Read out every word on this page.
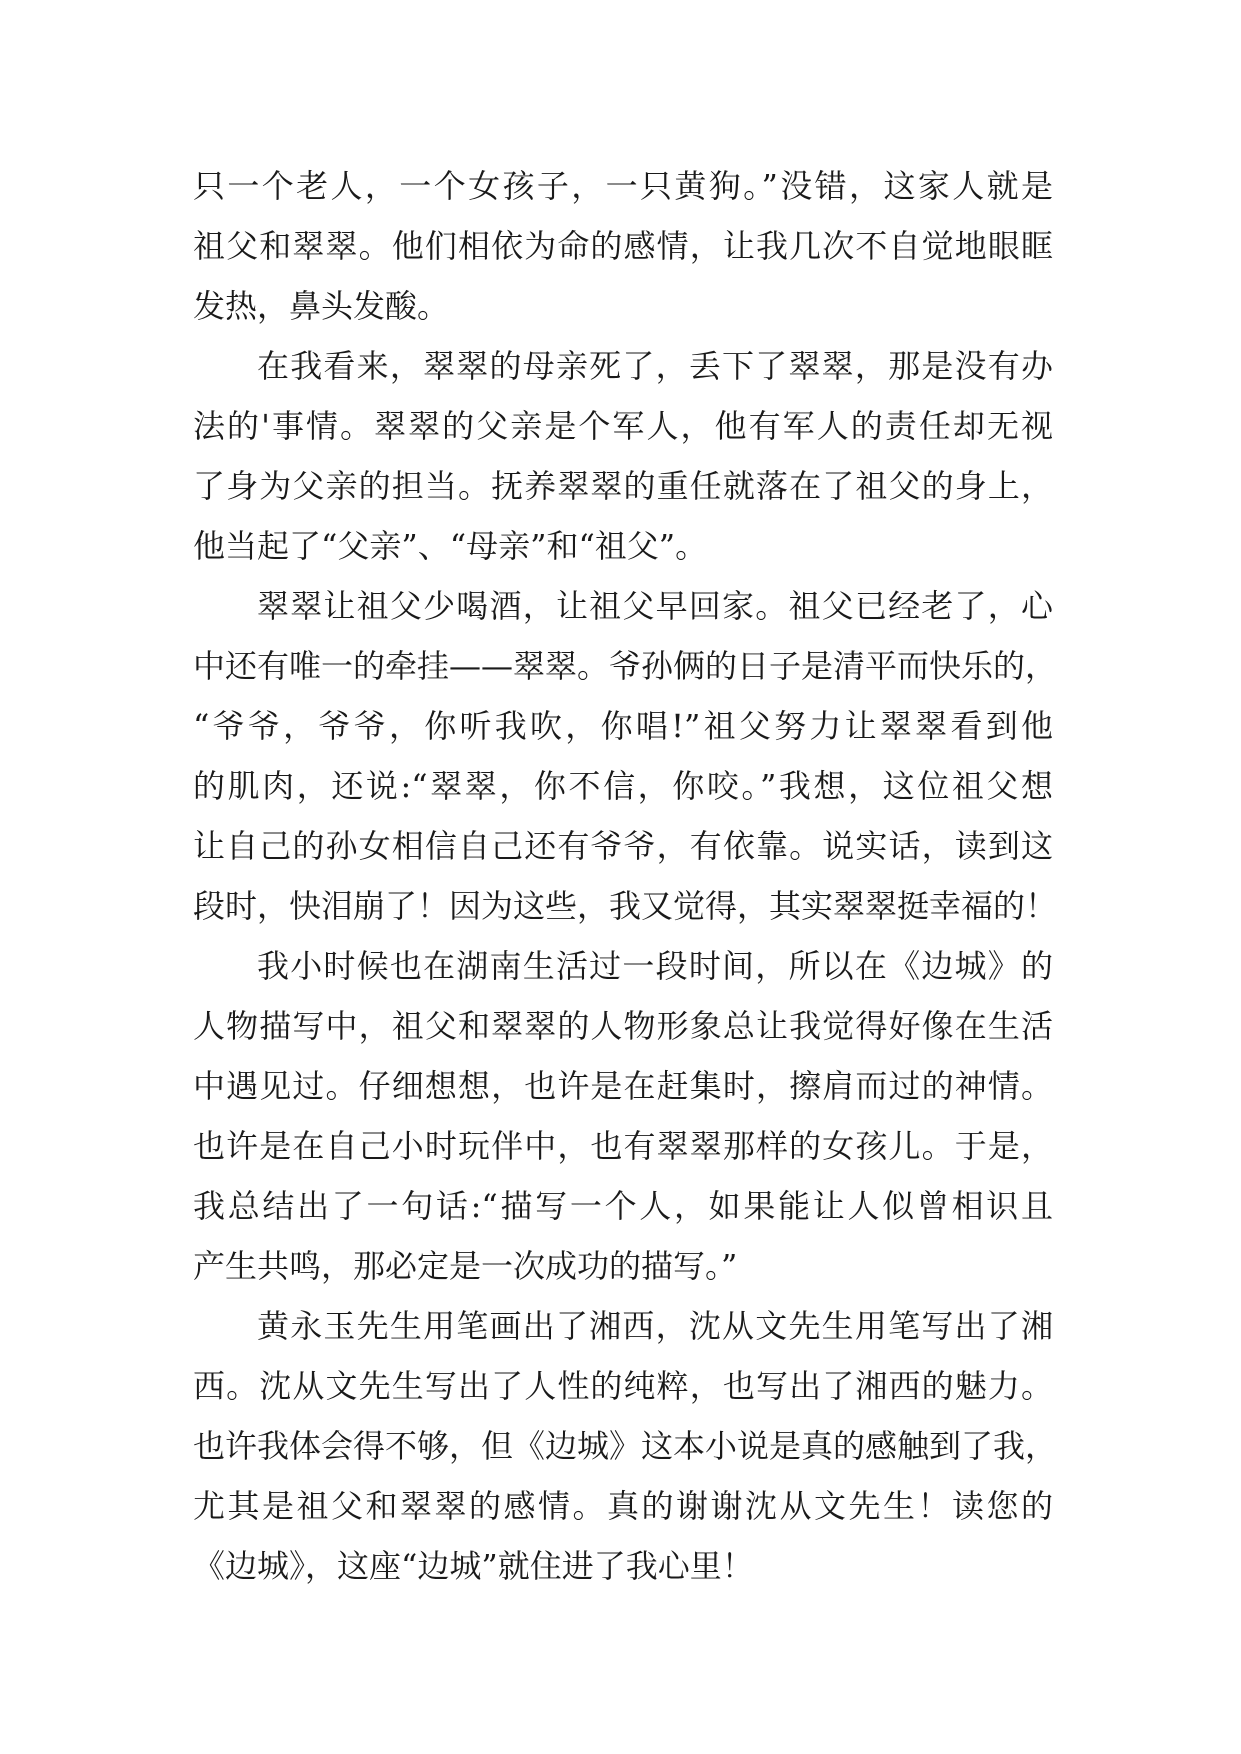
只一个老人，一个女孩子，一只黄狗。”没错，这家人就是
祖父和翠翠。他们相依为命的感情，让我几次不自觉地眼眶
发热，鼻头发酸。
在我看来，翠翠的母亲死了，丢下了翠翠，那是没有办
法的'事情。翠翠的父亲是个军人，他有军人的责任却无视
了身为父亲的担当。抚养翠翠的重任就落在了祖父的身上，
他当起了“父亲”、“母亲”和“祖父”。
翠翠让祖父少喝酒，让祖父早回家。祖父已经老了，心
中还有唯一的牵挂——翠翠。爷孙俩的日子是清平而快乐的，
“爷爷，爷爷，你听我吹，你唱!”祖父努力让翠翠看到他
的肌肉，还说:“翠翠，你不信，你咬。”我想，这位祖父想
让自己的孙女相信自己还有爷爷，有依靠。说实话，读到这
段时，快泪崩了！因为这些，我又觉得，其实翠翠挺幸福的！
我小时候也在湖南生活过一段时间，所以在《边城》的
人物描写中，祖父和翠翠的人物形象总让我觉得好像在生活
中遇见过。仔细想想，也许是在赶集时，擦肩而过的神情。
也许是在自己小时玩伴中，也有翠翠那样的女孩儿。于是，
我总结出了一句话:“描写一个人，如果能让人似曾相识且
产生共鸣，那必定是一次成功的描写。”
黄永玉先生用笔画出了湘西，沈从文先生用笔写出了湘
西。沈从文先生写出了人性的纯粹，也写出了湘西的魅力。
也许我体会得不够，但《边城》这本小说是真的感触到了我，
尤其是祖父和翠翠的感情。真的谢谢沈从文先生！读您的
《边城》，这座“边城”就住进了我心里！
